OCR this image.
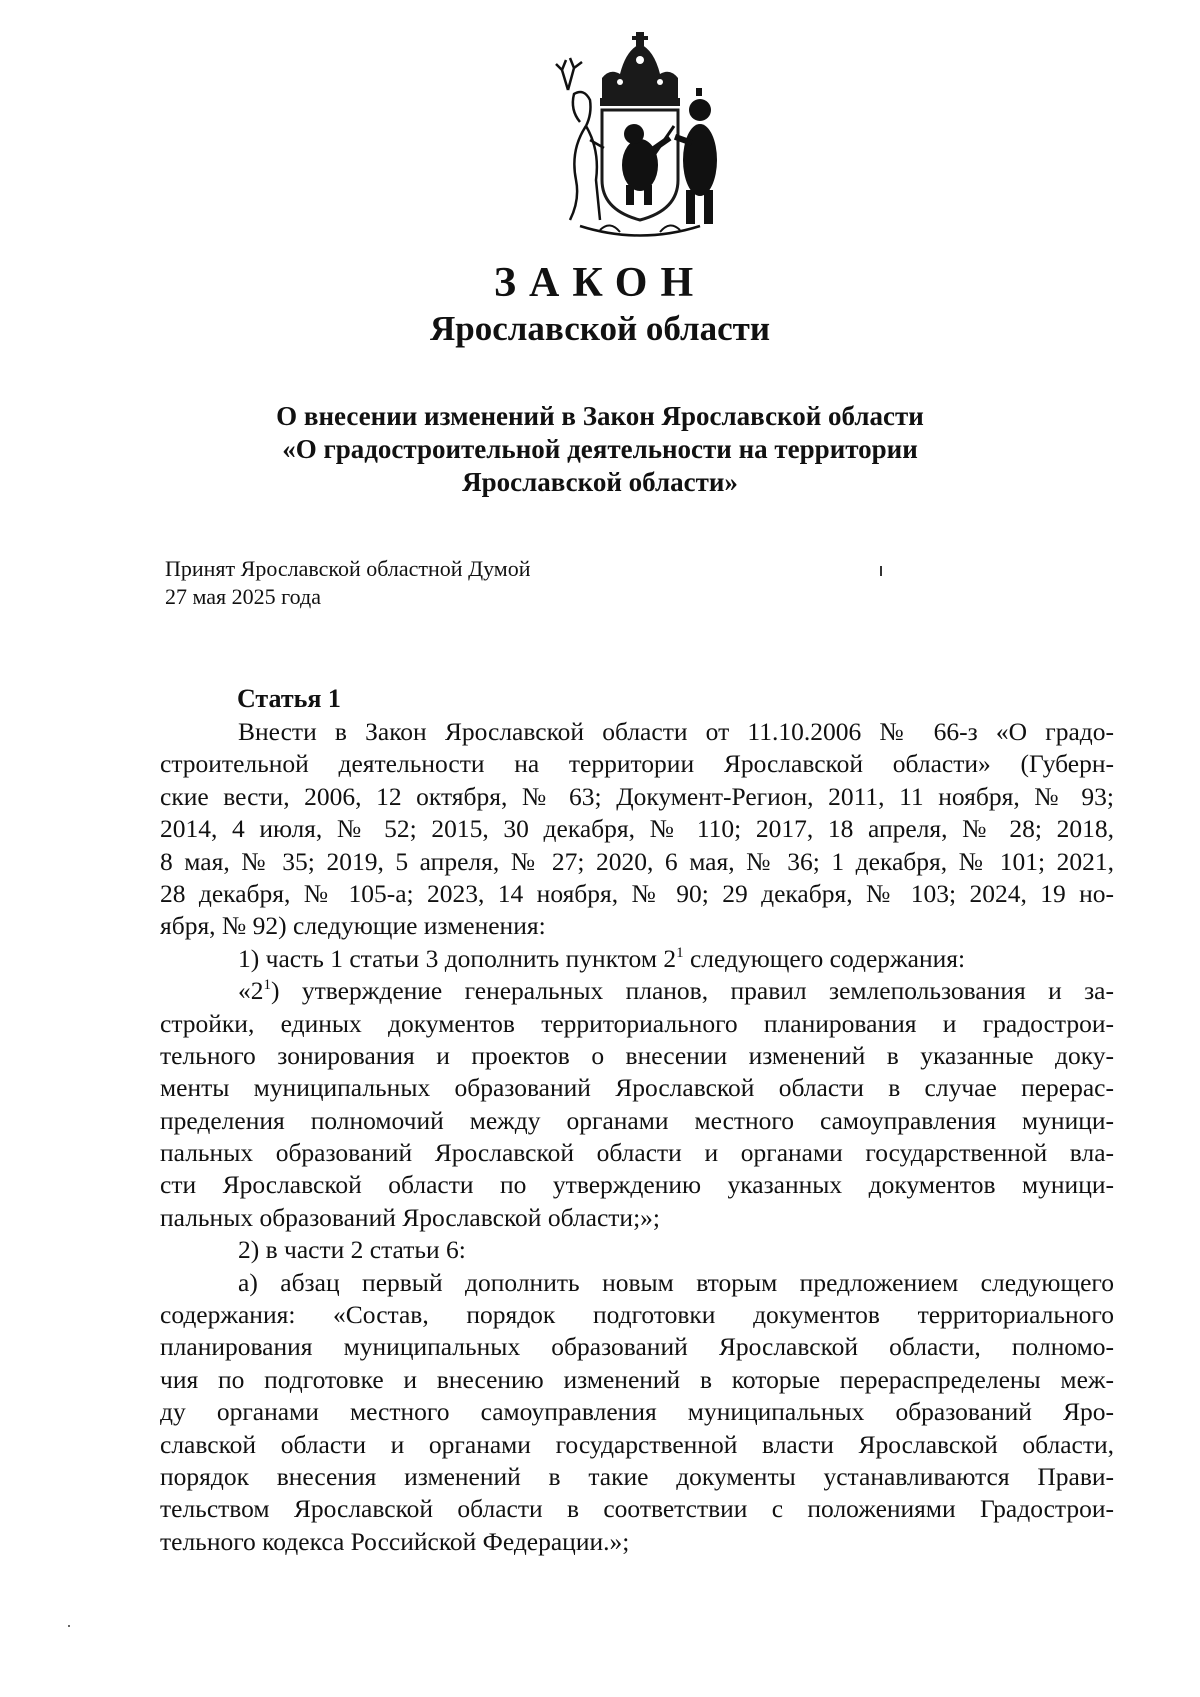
ЗАКОН
Ярославской области
О внесении изменений в Закон Ярославской области
«О градостроительной деятельности на территории
Ярославской области»
Принят Ярославской областной Думой
27 мая 2025 года
Статья 1
Внести в Закон Ярославской области от 11.10.2006 № 66-з «О градо-
строительной деятельности на территории Ярославской области» (Губерн-
ские вести, 2006, 12 октября, № 63; Документ-Регион, 2011, 11 ноября, № 93;
2014, 4 июля, № 52; 2015, 30 декабря, № 110; 2017, 18 апреля, № 28; 2018,
8 мая, № 35; 2019, 5 апреля, № 27; 2020, 6 мая, № 36; 1 декабря, № 101; 2021,
28 декабря, № 105-а; 2023, 14 ноября, № 90; 29 декабря, № 103; 2024, 19 но-
ября, № 92) следующие изменения:
1) часть 1 статьи 3 дополнить пунктом $2^1$ следующего содержания:
«$2^1$) утверждение генеральных планов, правил землепользования и за-
стройки, единых документов территориального планирования и градострои-
тельного зонирования и проектов о внесении изменений в указанные доку-
менты муниципальных образований Ярославской области в случае перерас-
пределения полномочий между органами местного самоуправления муници-
пальных образований Ярославской области и органами государственной вла-
сти Ярославской области по утверждению указанных документов муници-
пальных образований Ярославской области;»;
2) в части 2 статьи 6:
а) абзац первый дополнить новым вторым предложением следующего
содержания: «Состав, порядок подготовки документов территориального
планирования муниципальных образований Ярославской области, полномо-
чия по подготовке и внесению изменений в которые перераспределены меж-
ду органами местного самоуправления муниципальных образований Яро-
славской области и органами государственной власти Ярославской области,
порядок внесения изменений в такие документы устанавливаются Прави-
тельством Ярославской области в соответствии с положениями Градострои-
тельного кодекса Российской Федерации.»;
